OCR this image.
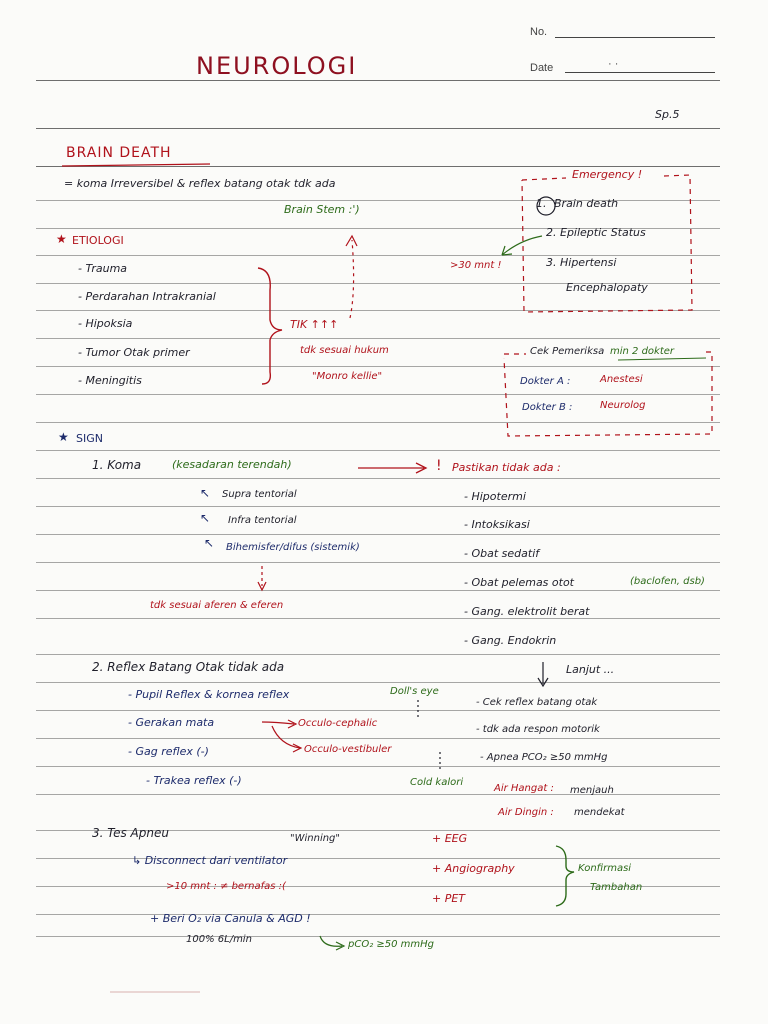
No.
Date	· ·
NEUROLOGI
Sp.5
BRAIN DEATH
= koma Irreversibel & reflex batang otak tdk ada
Brain Stem :')
Emergency !
1. Brain death
2. Epileptic Status
3. Hipertensi
Encephalopaty
>30 mnt !
★ ETIOLOGI
- Trauma
- Perdarahan Intrakranial
- Hipoksia
- Tumor Otak primer
- Meningitis
TIK ↑↑↑
tdk sesuai hukum
"Monro kellie"
Cek Pemeriksa min 2 dokter
Dokter A :	Anestesi
Dokter B :	Neurolog
★ SIGN
1. Koma	(kesadaran terendah)	! Pastikan tidak ada :
↖ Supra tentorial
↖ Infra tentorial
↖ Bihemisfer/difus (sistemik)
tdk sesuai aferen & eferen
- Hipotermi
- Intoksikasi
- Obat sedatif
- Obat pelemas otot	(baclofen, dsb)
- Gang. elektrolit berat
- Gang. Endokrin
2. Reflex Batang Otak tidak ada	Lanjut ...
- Pupil Reflex & kornea reflex	Doll's eye
- Gerakan mata	Occulo-cephalic
Occulo-vestibuler
- Gag reflex (-)
- Trakea reflex (-)	Cold kalori
- Cek reflex batang otak
- tdk ada respon motorik
- Apnea PCO₂ ≥50 mmHg
Air Hangat : menjauh
Air Dingin : mendekat
3. Tes Apneu	"Winning"
↳ Disconnect dari ventilator
>10 mnt : ≠ bernafas :(
+ Beri O₂ via Canula & AGD !
100% 6L/min	pCO₂ ≥50 mmHg
+ EEG
+ Angiography
+ PET
Konfirmasi
Tambahan
